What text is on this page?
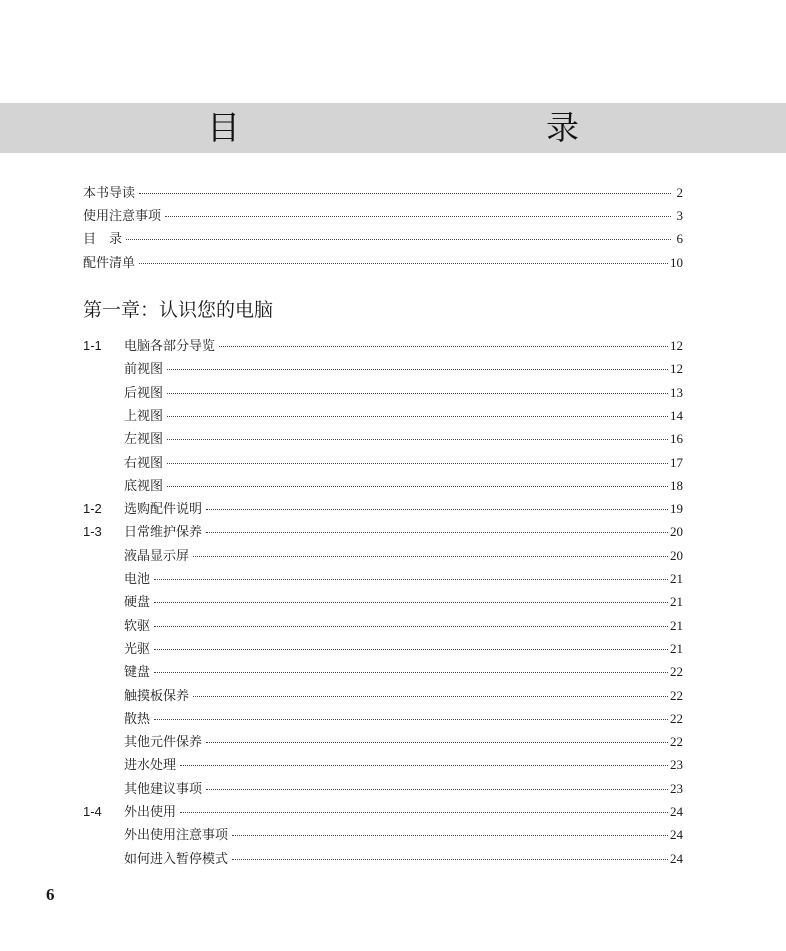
目　　录
第一章：认识您的电脑
本书导读	2
使用注意事项	3
目　录	6
配件清单	10
1-1	电脑各部分导览	12
前视图	12
后视图	13
上视图	14
左视图	16
右视图	17
底视图	18
1-2	选购配件说明	19
1-3	日常维护保养	20
液晶显示屏	20
电池	21
硬盘	21
软驱	21
光驱	21
键盘	22
触摸板保养	22
散热	22
其他元件保养	22
进水处理	23
其他建议事项	23
1-4	外出使用	24
外出使用注意事项	24
如何进入暂停模式	24
6
